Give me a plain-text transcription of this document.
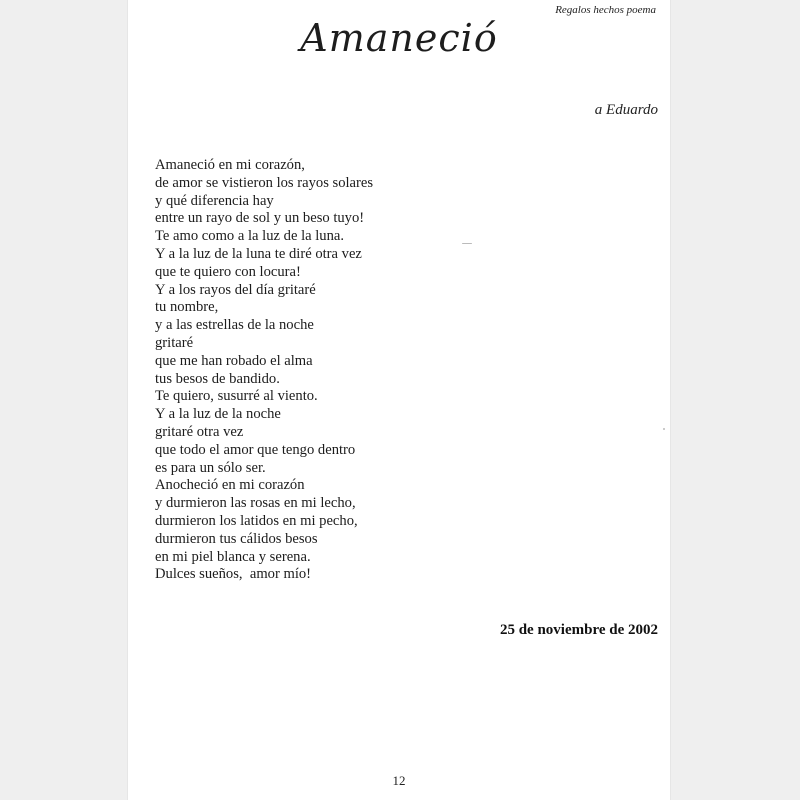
Regalos hechos poema
Amaneció
a Eduardo
Amaneció en mi corazón,
de amor se vistieron los rayos solares
y qué diferencia hay
entre un rayo de sol y un beso tuyo!
Te amo como a la luz de la luna.
Y a la luz de la luna te diré otra vez
que te quiero con locura!
Y a los rayos del día gritaré
tu nombre,
y a las estrellas de la noche
gritaré
que me han robado el alma
tus besos de bandido.
Te quiero, susurré al viento.
Y a la luz de la noche
gritaré otra vez
que todo el amor que tengo dentro
es para un sólo ser.
Anocheció en mi corazón
y durmieron las rosas en mi lecho,
durmieron los latidos en mi pecho,
durmieron tus cálidos besos
en mi piel blanca y serena.
Dulces sueños,  amor mío!
25 de noviembre de 2002
12
